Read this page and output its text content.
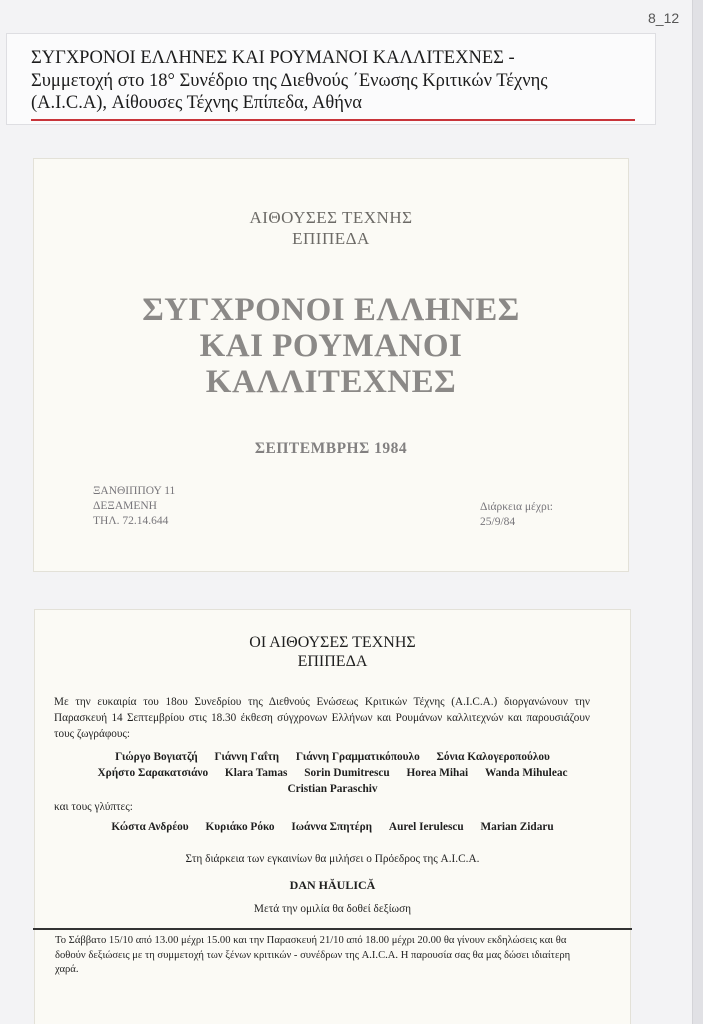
8_12
ΣΥΓΧΡΟΝΟΙ ΕΛΛΗΝΕΣ ΚΑΙ ΡΟΥΜΑΝΟΙ ΚΑΛΛΙΤΕΧΝΕΣ -
Συμμετοχή στο 18° Συνέδριο της Διεθνούς ΄Ενωσης Κριτικών Τέχνης
(A.I.C.A), Αίθουσες Τέχνης Επίπεδα, Αθήνα
ΑΙΘΟΥΣΕΣ ΤΕΧΝΗΣ
ΕΠΙΠΕΔΑ
ΣΥΓΧΡΟΝΟΙ ΕΛΛΗΝΕΣ
ΚΑΙ ΡΟΥΜΑΝΟΙ
ΚΑΛΛΙΤΕΧΝΕΣ
ΣΕΠΤΕΜΒΡΗΣ 1984
ΞΑΝΘΙΠΠΟΥ 11
ΔΕΞΑΜΕΝΗ
ΤΗΛ. 72.14.644
Διάρκεια μέχρι:
25/9/84
ΟΙ ΑΙΘΟΥΣΕΣ ΤΕΧΝΗΣ
ΕΠΙΠΕΔΑ
Με την ευκαιρία του 18ου Συνεδρίου της Διεθνούς Ενώσεως Κριτικών Τέχνης (A.I.C.A.) διοργανώνουν την Παρασκευή 14 Σεπτεμβρίου στις 18.30 έκθεση σύγχρονων Ελλήνων και Ρουμάνων καλλιτεχνών και παρουσιάζουν τους ζωγράφους:
Γιώργο Βογιατζή Γιάννη Γαΐτη Γιάννη Γραμματικόπουλο Σόνια Καλογεροπούλου
Χρήστο Σαρακατσιάνο Klara Tamas Sorin Dumitrescu Horea Mihai Wanda Mihuleac
Cristian Paraschiv
και τους γλύπτες:
Κώστα Ανδρέου Κυριάκο Ρόκο Ιωάννα Σπητέρη Aurel Ierulescu Marian Zidaru
Στη διάρκεια των εγκαινίων θα μιλήσει ο Πρόεδρος της A.I.C.A.
DAN HĂULICĂ
Μετά την ομιλία θα δοθεί δεξίωση
Το Σάββατο 15/10 από 13.00 μέχρι 15.00 και την Παρασκευή 21/10 από 18.00 μέχρι 20.00 θα γίνουν εκδηλώσεις και θα δοθούν δεξιώσεις με τη συμμετοχή των ξένων κριτικών - συνέδρων της A.I.C.A. Η παρουσία σας θα μας δώσει ιδιαίτερη χαρά.
